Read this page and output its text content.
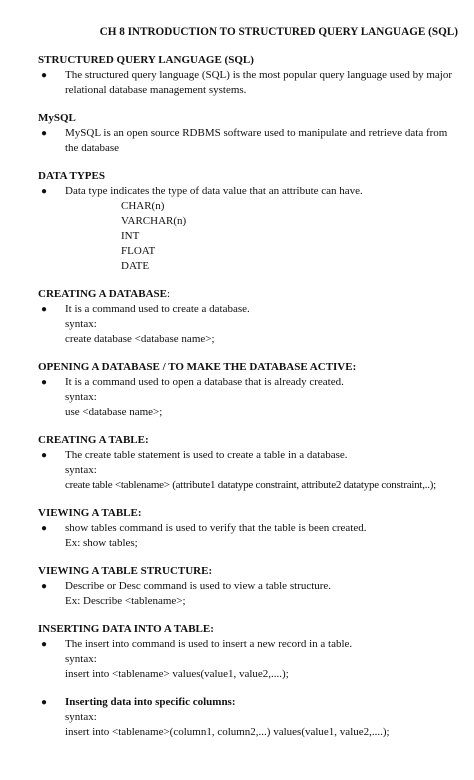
CH 8 INTRODUCTION TO STRUCTURED QUERY LANGUAGE (SQL)
STRUCTURED QUERY LANGUAGE (SQL)
● The structured query language (SQL) is the most popular query language used by major relational database management systems.
MySQL
● MySQL is an open source RDBMS software used to manipulate and retrieve data from the database
DATA TYPES
● Data type indicates the type of data value that an attribute can have.
CHAR(n)
VARCHAR(n)
INT
FLOAT
DATE
CREATING A DATABASE:
● It is a command used to create a database.
syntax:
create database <database name>;
OPENING A DATABASE / TO MAKE THE DATABASE ACTIVE:
● It is a command used to open a database that is already created.
syntax:
use <database name>;
CREATING A TABLE:
● The create table statement is used to create a table in a database.
syntax:
create table <tablename> (attribute1 datatype constraint, attribute2 datatype constraint,..);
VIEWING A TABLE:
● show tables command is used to verify that the table is been created.
Ex: show tables;
VIEWING A TABLE STRUCTURE:
● Describe or Desc command is used to view a table structure.
Ex: Describe <tablename>;
INSERTING DATA INTO A TABLE:
● The insert into command is used to insert a new record in a table.
syntax:
insert into <tablename> values(value1, value2,....);
● Inserting data into specific columns:
syntax:
insert into <tablename>(column1, column2,...) values(value1, value2,....);
